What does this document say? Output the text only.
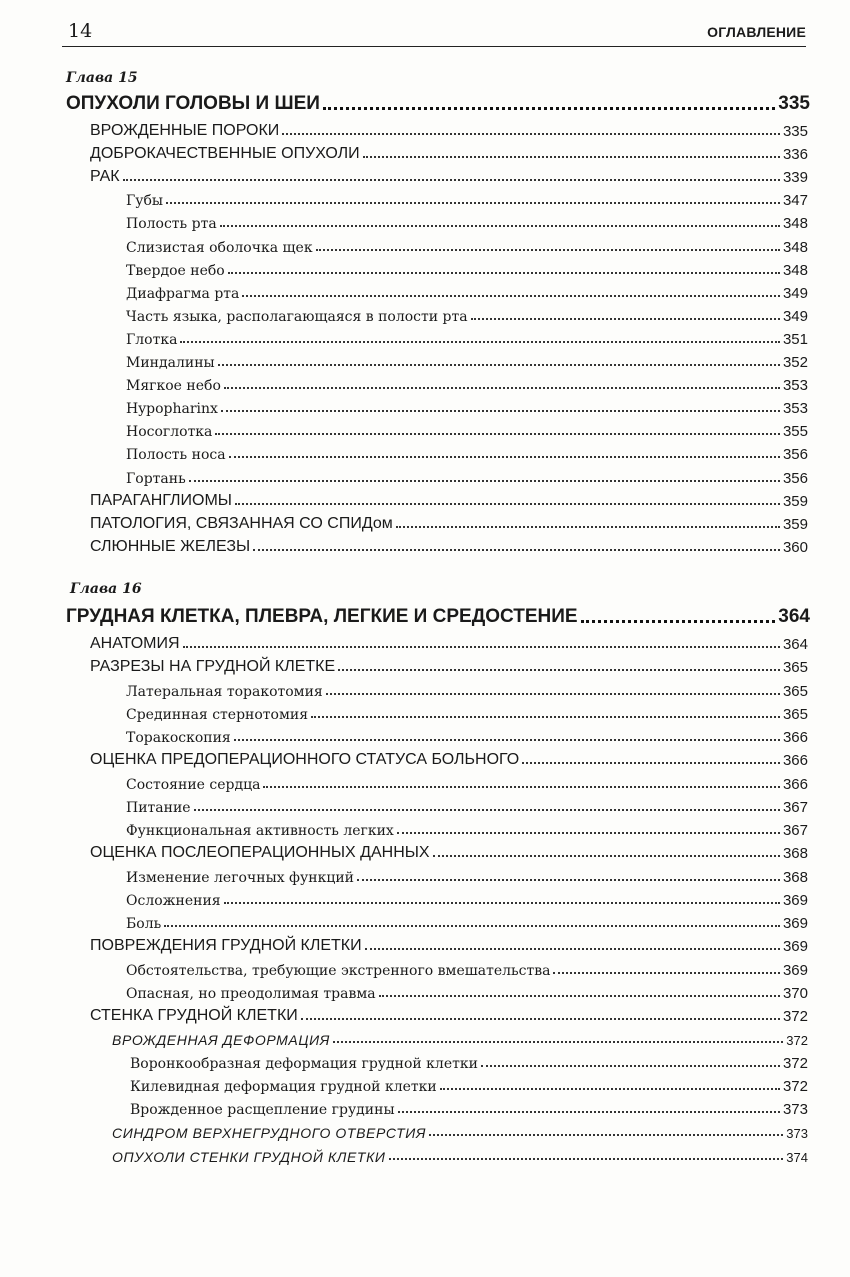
14	ОГЛАВЛЕНИЕ
Глава 15
ОПУХОЛИ ГОЛОВЫ И ШЕИ	335
ВРОЖДЕННЫЕ ПОРОКИ	335
ДОБРОКАЧЕСТВЕННЫЕ ОПУХОЛИ	336
РАК	339
Губы	347
Полость рта	348
Слизистая оболочка щек	348
Твердое небо	348
Диафрагма рта	349
Часть языка, располагающаяся в полости рта	349
Глотка	351
Миндалины	352
Мягкое небо	353
Hypopharinx	353
Носоглотка	355
Полость носа	356
Гортань	356
ПАРАГАНГЛИОМЫ	359
ПАТОЛОГИЯ, СВЯЗАННАЯ СО СПИДом	359
СЛЮННЫЕ ЖЕЛЕЗЫ	360
Глава 16
ГРУДНАЯ КЛЕТКА, ПЛЕВРА, ЛЕГКИЕ И СРЕДОСТЕНИЕ	364
АНАТОМИЯ	364
РАЗРЕЗЫ НА ГРУДНОЙ КЛЕТКЕ	365
Латеральная торакотомия	365
Срединная стернотомия	365
Торакоскопия	366
ОЦЕНКА ПРЕДОПЕРАЦИОННОГО СТАТУСА БОЛЬНОГО	366
Состояние сердца	366
Питание	367
Функциональная активность легких	367
ОЦЕНКА ПОСЛЕОПЕРАЦИОННЫХ ДАННЫХ	368
Изменение легочных функций	368
Осложнения	369
Боль	369
ПОВРЕЖДЕНИЯ ГРУДНОЙ КЛЕТКИ	369
Обстоятельства, требующие экстренного вмешательства	369
Опасная, но преодолимая травма	370
СТЕНКА ГРУДНОЙ КЛЕТКИ	372
ВРОЖДЕННАЯ ДЕФОРМАЦИЯ	372
Воронкообразная деформация грудной клетки	372
Килевидная деформация грудной клетки	372
Врожденное расщепление грудины	373
СИНДРОМ ВЕРХНЕГРУДНОГО ОТВЕРСТИЯ	373
ОПУХОЛИ СТЕНКИ ГРУДНОЙ КЛЕТКИ	374
